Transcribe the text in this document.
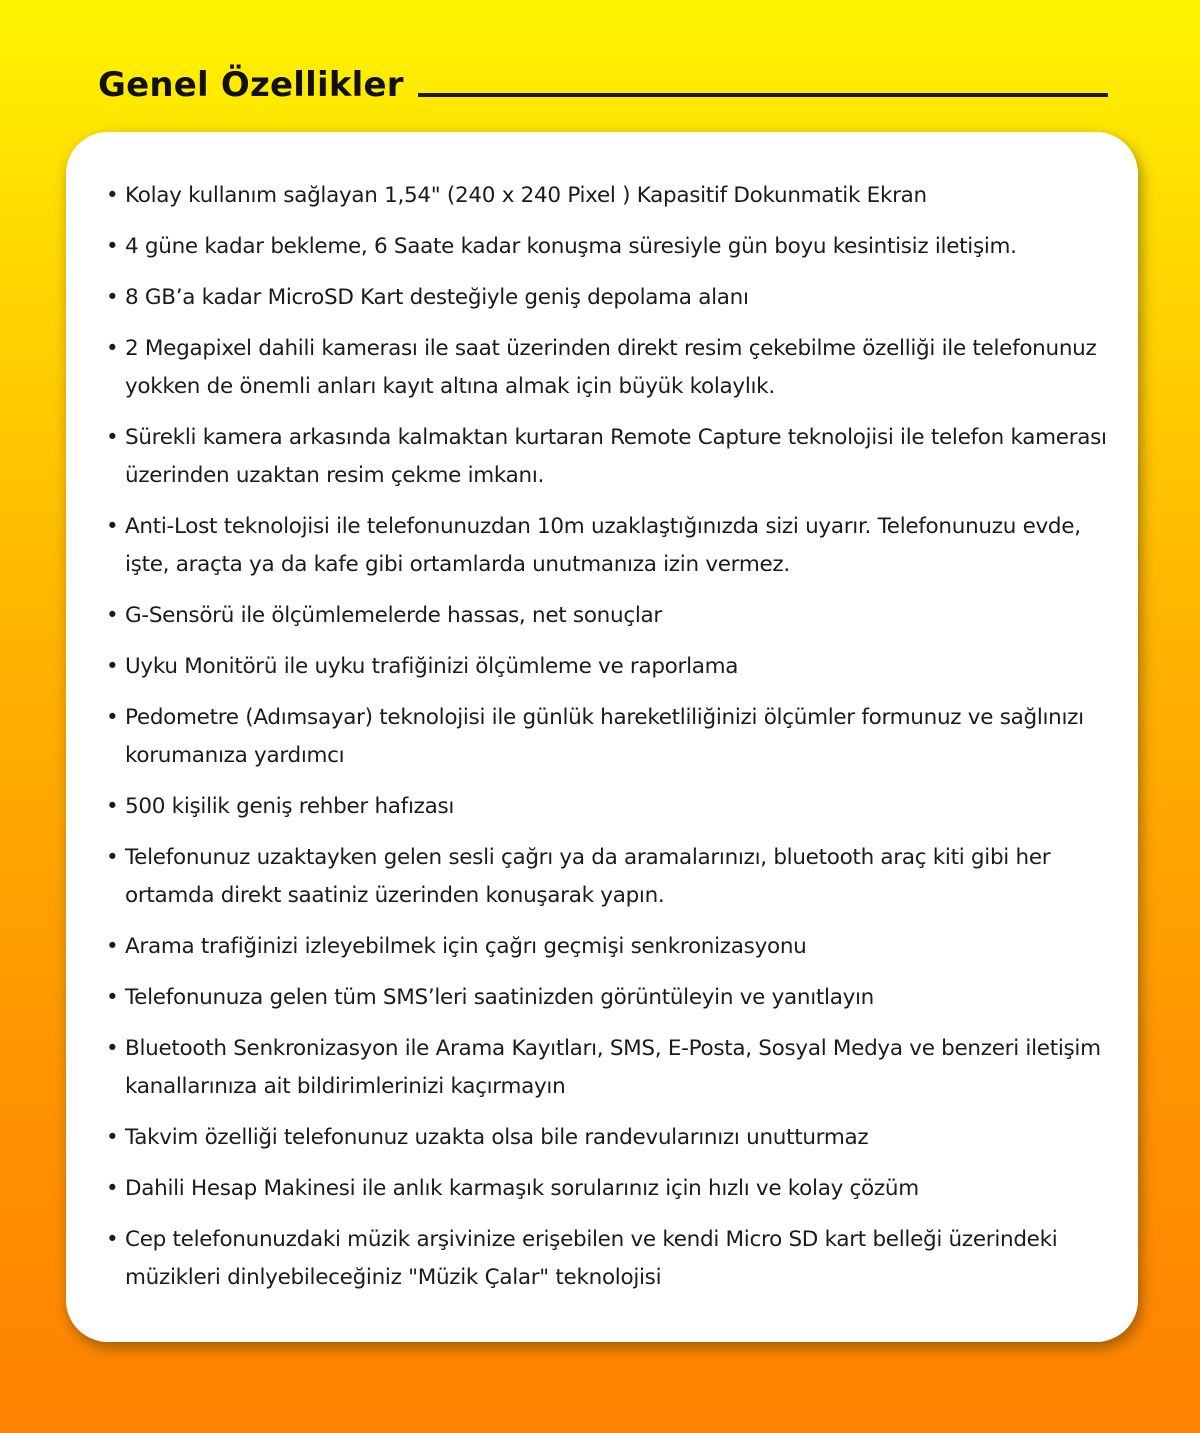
Genel Özellikler
• Kolay kullanım sağlayan 1,54" (240 x 240 Pixel ) Kapasitif Dokunmatik Ekran
• 4 güne kadar bekleme, 6 Saate kadar konuşma süresiyle gün boyu kesintisiz iletişim.
• 8 GB’a kadar MicroSD Kart desteğiyle geniş depolama alanı
• 2 Megapixel dahili kamerası ile saat üzerinden direkt resim çekebilme özelliği ile telefonunuz yokken de önemli anları kayıt altına almak için büyük kolaylık.
• Sürekli kamera arkasında kalmaktan kurtaran Remote Capture teknolojisi ile telefon kamerası üzerinden uzaktan resim çekme imkanı.
• Anti-Lost teknolojisi ile telefonunuzdan 10m uzaklaştığınızda sizi uyarır. Telefonunuzu evde, işte, araçta ya da kafe gibi ortamlarda unutmanıza izin vermez.
• G-Sensörü ile ölçümlemelerde hassas, net sonuçlar
• Uyku Monitörü ile uyku trafiğinizi ölçümleme ve raporlama
• Pedometre (Adımsayar) teknolojisi ile günlük hareketliliğinizi ölçümler formunuz ve sağlınızı korumanıza yardımcı
• 500 kişilik geniş rehber hafızası
• Telefonunuz uzaktayken gelen sesli çağrı ya da aramalarınızı, bluetooth araç kiti gibi her ortamda direkt saatiniz üzerinden konuşarak yapın.
• Arama trafiğinizi izleyebilmek için çağrı geçmişi senkronizasyonu
• Telefonunuza gelen tüm SMS’leri saatinizden görüntüleyin ve yanıtlayın
• Bluetooth Senkronizasyon ile Arama Kayıtları, SMS, E-Posta, Sosyal Medya ve benzeri iletişim kanallarınıza ait bildirimlerinizi kaçırmayın
• Takvim özelliği telefonunuz uzakta olsa bile randevularınızı unutturmaz
• Dahili Hesap Makinesi ile anlık karmaşık sorularınız için hızlı ve kolay çözüm
• Cep telefonunuzdaki müzik arşivinize erişebilen ve kendi Micro SD kart belleği üzerindeki müzikleri dinlyebileceğiniz "Müzik Çalar" teknolojisi
